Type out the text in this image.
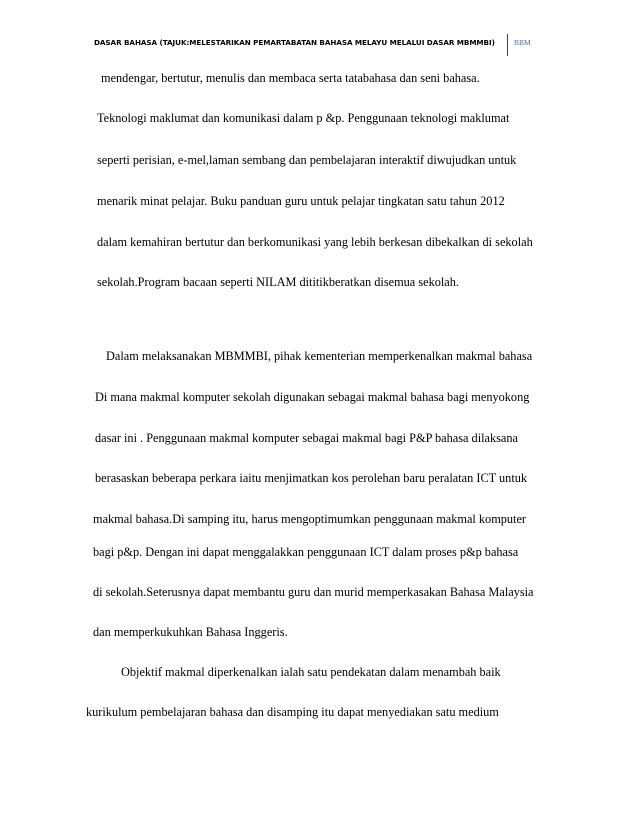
DASAR BAHASA (TAJUK:MELESTARIKAN PEMARTABATAN BAHASA MELAYU MELALUI DASAR MBMMBI)	BBM
mendengar, bertutur, menulis dan membaca serta tatabahasa dan seni bahasa.
Teknologi maklumat dan komunikasi dalam p &p. Penggunaan teknologi maklumat
seperti perisian, e-mel,laman sembang dan pembelajaran interaktif diwujudkan untuk
menarik minat pelajar. Buku panduan guru untuk pelajar tingkatan satu tahun 2012
dalam kemahiran bertutur dan berkomunikasi yang lebih berkesan dibekalkan di sekolah
sekolah.Program bacaan seperti NILAM dititikberatkan disemua sekolah.
Dalam melaksanakan MBMMBI, pihak kementerian memperkenalkan makmal bahasa
Di mana makmal komputer sekolah digunakan sebagai makmal bahasa bagi menyokong
dasar ini . Penggunaan makmal komputer sebagai makmal bagi P&P bahasa dilaksana
berasaskan beberapa perkara iaitu menjimatkan kos perolehan baru peralatan ICT untuk
makmal bahasa.Di samping itu, harus mengoptimumkan penggunaan makmal komputer
bagi p&p. Dengan ini dapat menggalakkan penggunaan ICT dalam proses p&p bahasa
di sekolah.Seterusnya dapat membantu guru dan murid memperkasakan Bahasa Malaysia
dan memperkukuhkan Bahasa Inggeris.
Objektif makmal diperkenalkan ialah satu pendekatan dalam menambah baik
kurikulum pembelajaran bahasa dan disamping itu dapat menyediakan satu medium
